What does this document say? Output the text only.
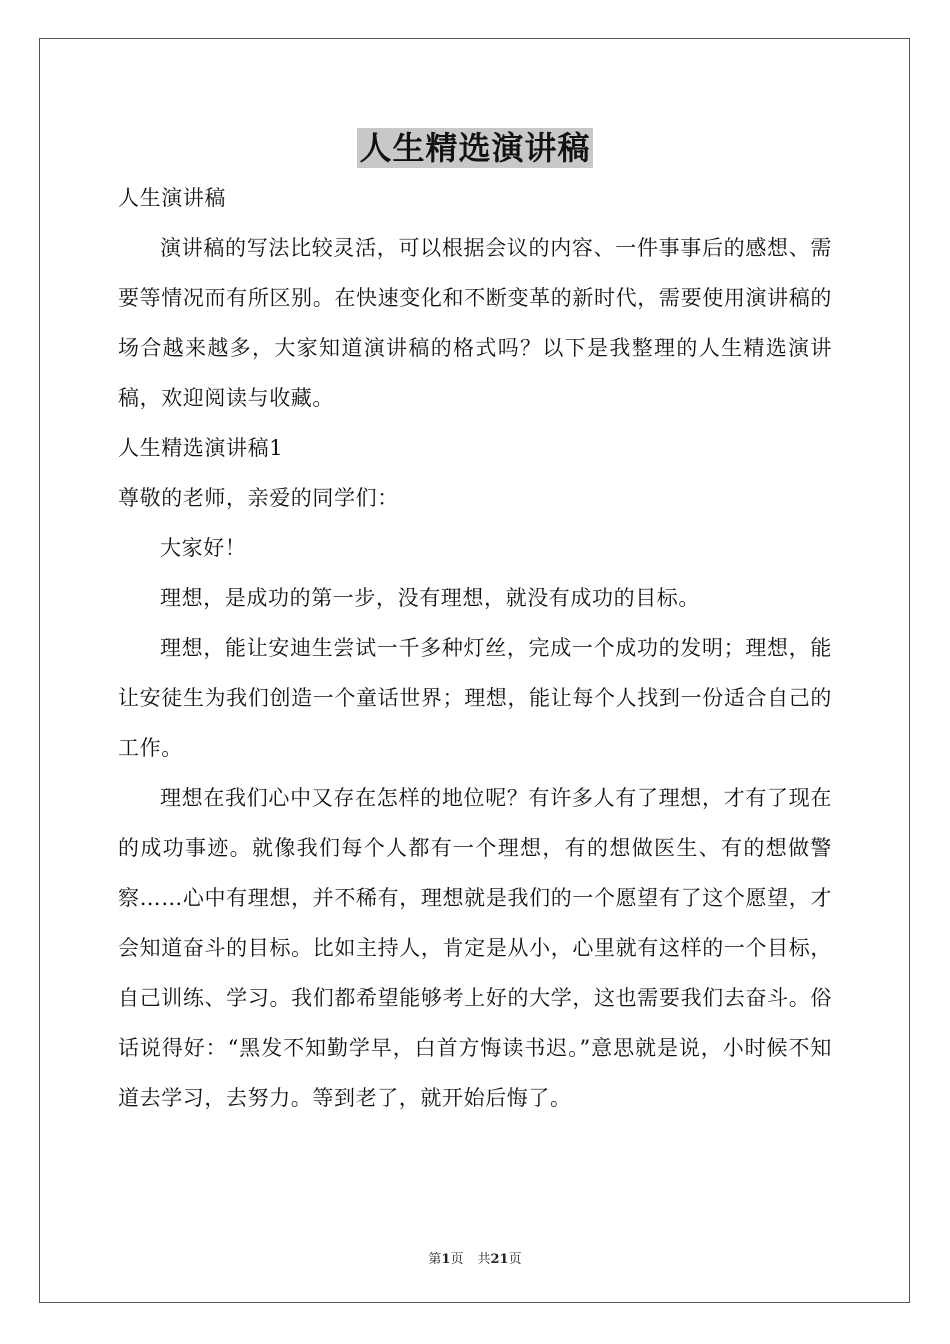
人生精选演讲稿
人生演讲稿

演讲稿的写法比较灵活，可以根据会议的内容、一件事事后的感想、需要等情况而有所区别。在快速变化和不断变革的新时代，需要使用演讲稿的场合越来越多，大家知道演讲稿的格式吗？以下是我整理的人生精选演讲稿，欢迎阅读与收藏。

人生精选演讲稿1
尊敬的老师，亲爱的同学们：

大家好！

理想，是成功的第一步，没有理想，就没有成功的目标。

理想，能让安迪生尝试一千多种灯丝，完成一个成功的发明；理想，能让安徒生为我们创造一个童话世界；理想，能让每个人找到一份适合自己的工作。

理想在我们心中又存在怎样的地位呢？有许多人有了理想，才有了现在的成功事迹。就像我们每个人都有一个理想，有的想做医生、有的想做警察……心中有理想，并不稀有，理想就是我们的一个愿望有了这个愿望，才会知道奋斗的目标。比如主持人，肯定是从小，心里就有这样的一个目标，自己训练、学习。我们都希望能够考上好的大学，这也需要我们去奋斗。俗话说得好：“黑发不知勤学早，白首方悔读书迟。”意思就是说，小时候不知道去学习，去努力。等到老了，就开始后悔了。

第1页 共21页
